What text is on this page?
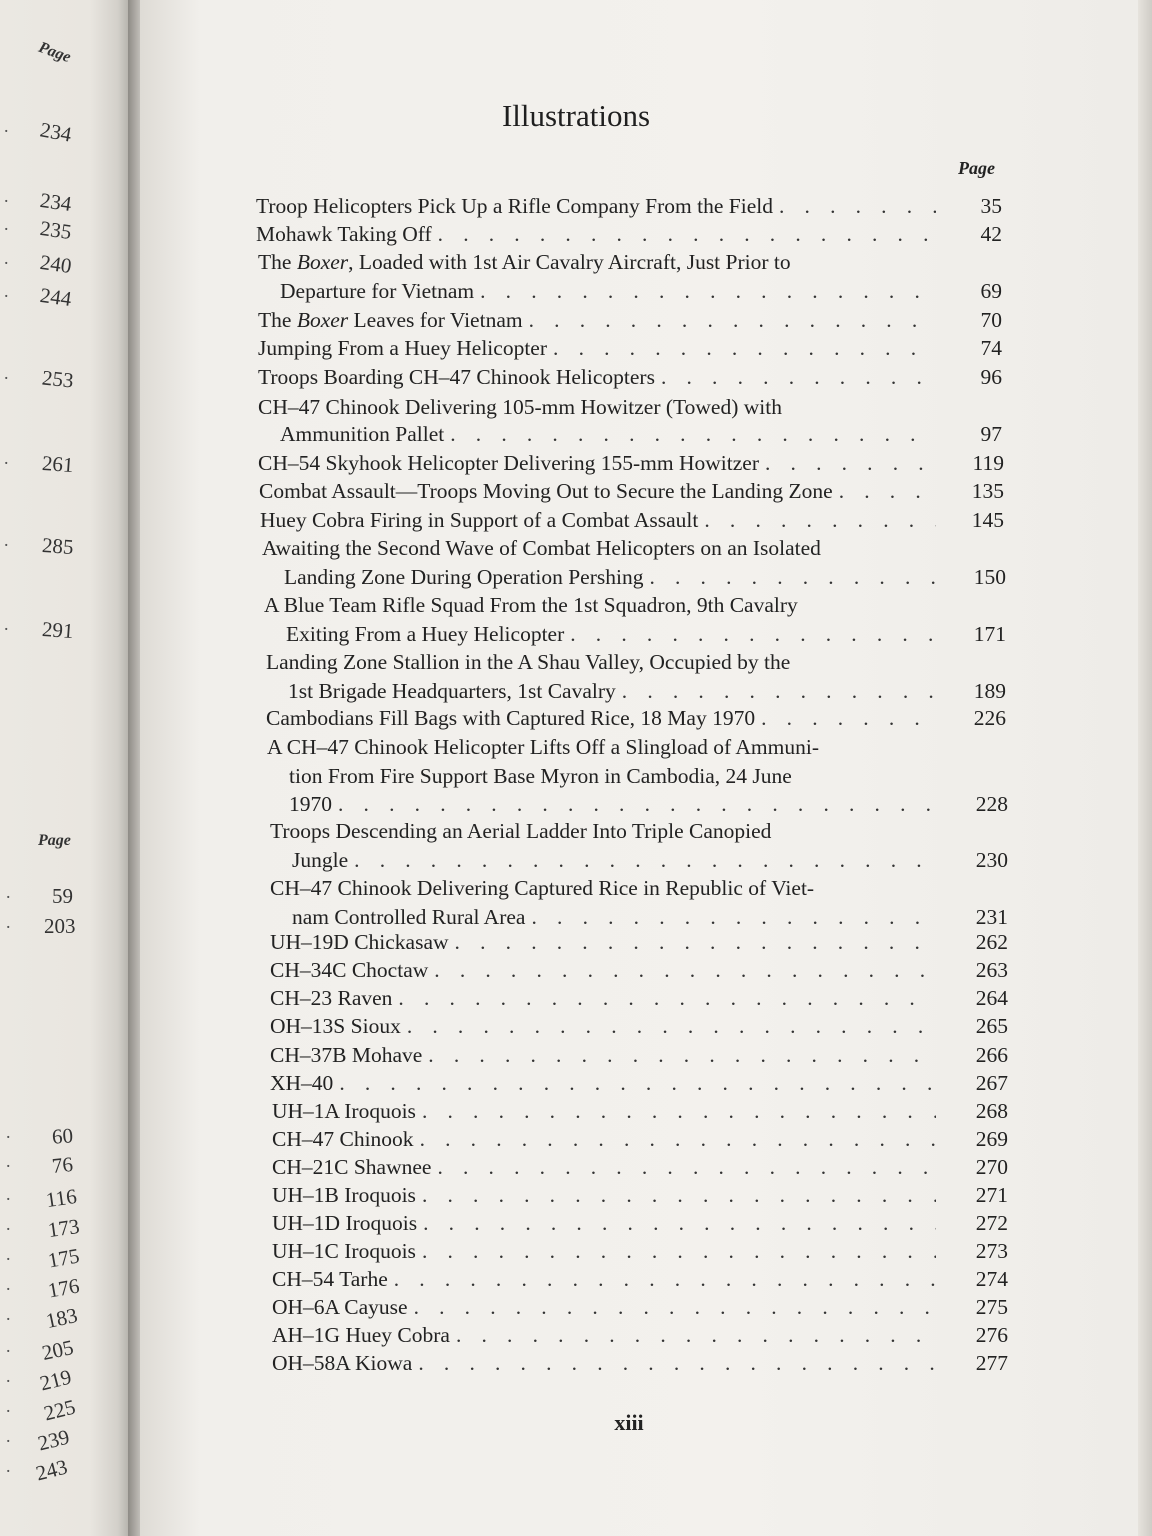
Page
Page
234
.
234
.
235
.
240
.
244
.
253
.
261
.
285
.
291
.
59
.
203
.
60
.
76
.
116
.
173
.
175
.
176
.
183
.
205
.
219
.
225
.
239
.
243
.
Illustrations
Page
Troop Helicopters Pick Up a Rifle Company From the Field . . .	35
Mohawk Taking Off . . .	42
The Boxer, Loaded with 1st Air Cavalry Aircraft, Just Prior to
Departure for Vietnam . . .	69
The Boxer Leaves for Vietnam . . .	70
Jumping From a Huey Helicopter . . .	74
Troops Boarding CH–47 Chinook Helicopters . . .	96
CH–47 Chinook Delivering 105-mm Howitzer (Towed) with
Ammunition Pallet . . .	97
CH–54 Skyhook Helicopter Delivering 155-mm Howitzer . . .	119
Combat Assault—Troops Moving Out to Secure the Landing Zone . . .	135
Huey Cobra Firing in Support of a Combat Assault . . .	145
Awaiting the Second Wave of Combat Helicopters on an Isolated
Landing Zone During Operation Pershing . . .	150
A Blue Team Rifle Squad From the 1st Squadron, 9th Cavalry
Exiting From a Huey Helicopter . . .	171
Landing Zone Stallion in the A Shau Valley, Occupied by the
1st Brigade Headquarters, 1st Cavalry . . .	189
Cambodians Fill Bags with Captured Rice, 18 May 1970 . . .	226
A CH–47 Chinook Helicopter Lifts Off a Slingload of Ammuni-
tion From Fire Support Base Myron in Cambodia, 24 June
1970 . . .	228
Troops Descending an Aerial Ladder Into Triple Canopied
Jungle . . .	230
CH–47 Chinook Delivering Captured Rice in Republic of Viet-
nam Controlled Rural Area . . .	231
UH–19D Chickasaw . . .	262
CH–34C Choctaw . . .	263
CH–23 Raven . . .	264
OH–13S Sioux . . .	265
CH–37B Mohave . . .	266
XH–40 . . .	267
UH–1A Iroquois . . .	268
CH–47 Chinook . . .	269
CH–21C Shawnee . . .	270
UH–1B Iroquois . . .	271
UH–1D Iroquois . . .	272
UH–1C Iroquois . . .	273
CH–54 Tarhe . . .	274
OH–6A Cayuse . . .	275
AH–1G Huey Cobra . . .	276
OH–58A Kiowa . . .	277
xiii
